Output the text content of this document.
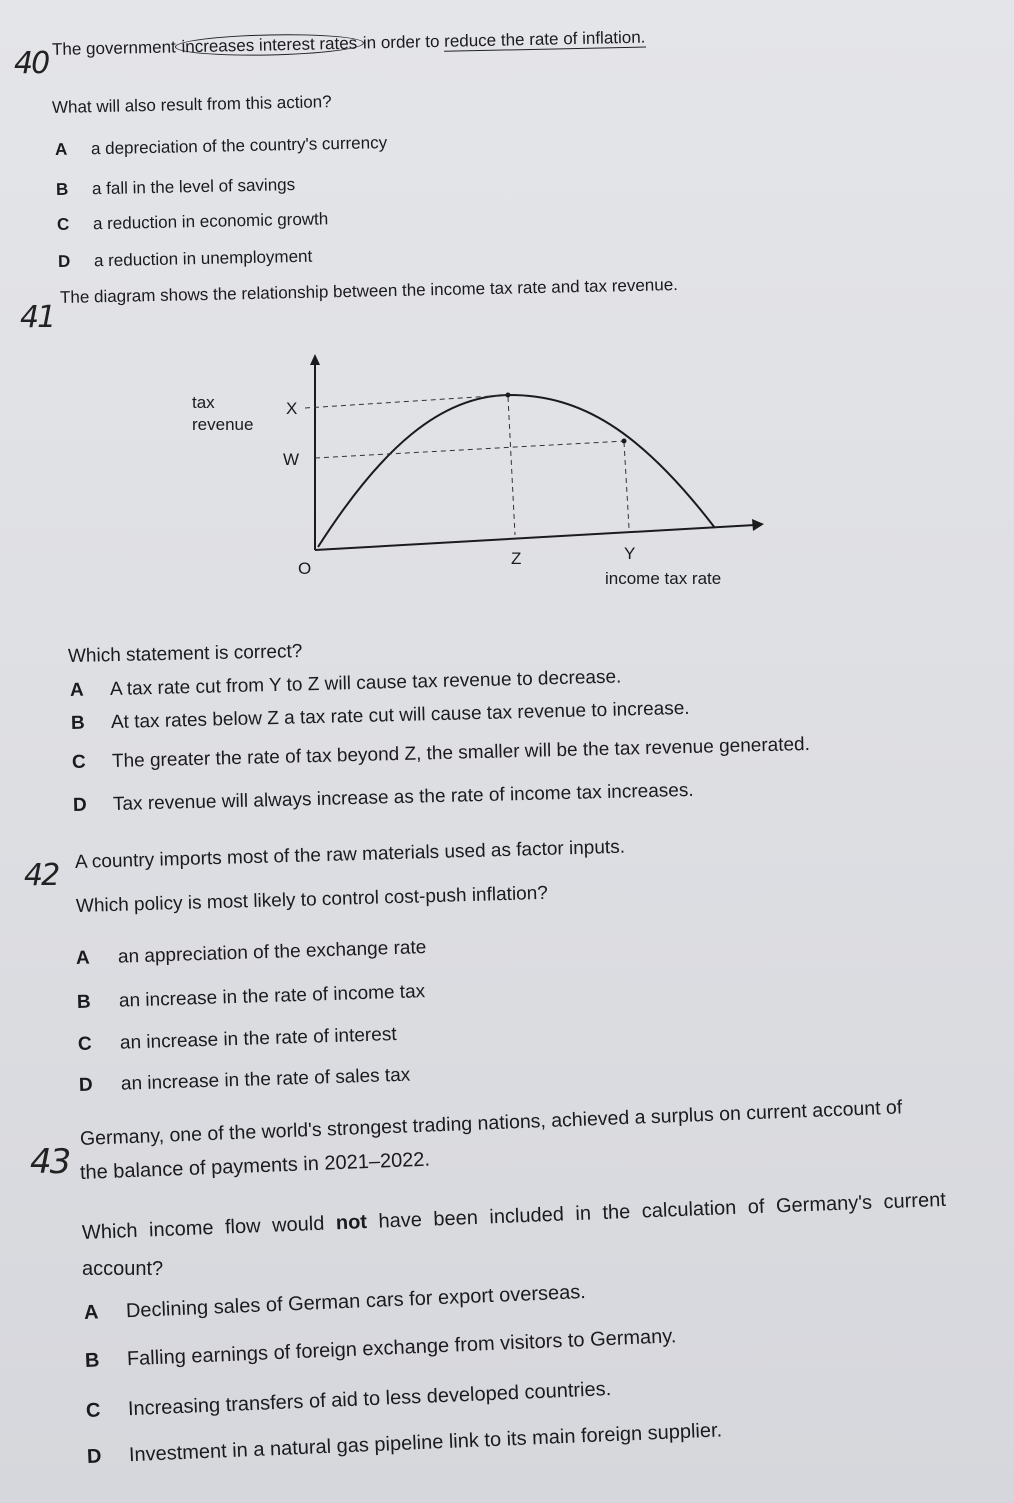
40 The government increases interest rates in order to reduce the rate of inflation.
What will also result from this action?
A	a depreciation of the country's currency
B	a fall in the level of savings
C	a reduction in economic growth
D	a reduction in unemployment
41
The diagram shows the relationship between the income tax rate and tax revenue.
tax
revenue
X
W
O
Z	Y
income tax rate
Which statement is correct?
A	A tax rate cut from Y to Z will cause tax revenue to decrease.
B	At tax rates below Z a tax rate cut will cause tax revenue to increase.
C	The greater the rate of tax beyond Z, the smaller will be the tax revenue generated.
D	Tax revenue will always increase as the rate of income tax increases.
42
A country imports most of the raw materials used as factor inputs.
Which policy is most likely to control cost-push inflation?
A	an appreciation of the exchange rate
B	an increase in the rate of income tax
C	an increase in the rate of interest
D	an increase in the rate of sales tax
43
Germany, one of the world's strongest trading nations, achieved a surplus on current account of
the balance of payments in 2021–2022.
Which income flow would not have been included in the calculation of Germany's current
account?
A	Declining sales of German cars for export overseas.
B	Falling earnings of foreign exchange from visitors to Germany.
C	Increasing transfers of aid to less developed countries.
D	Investment in a natural gas pipeline link to its main foreign supplier.
